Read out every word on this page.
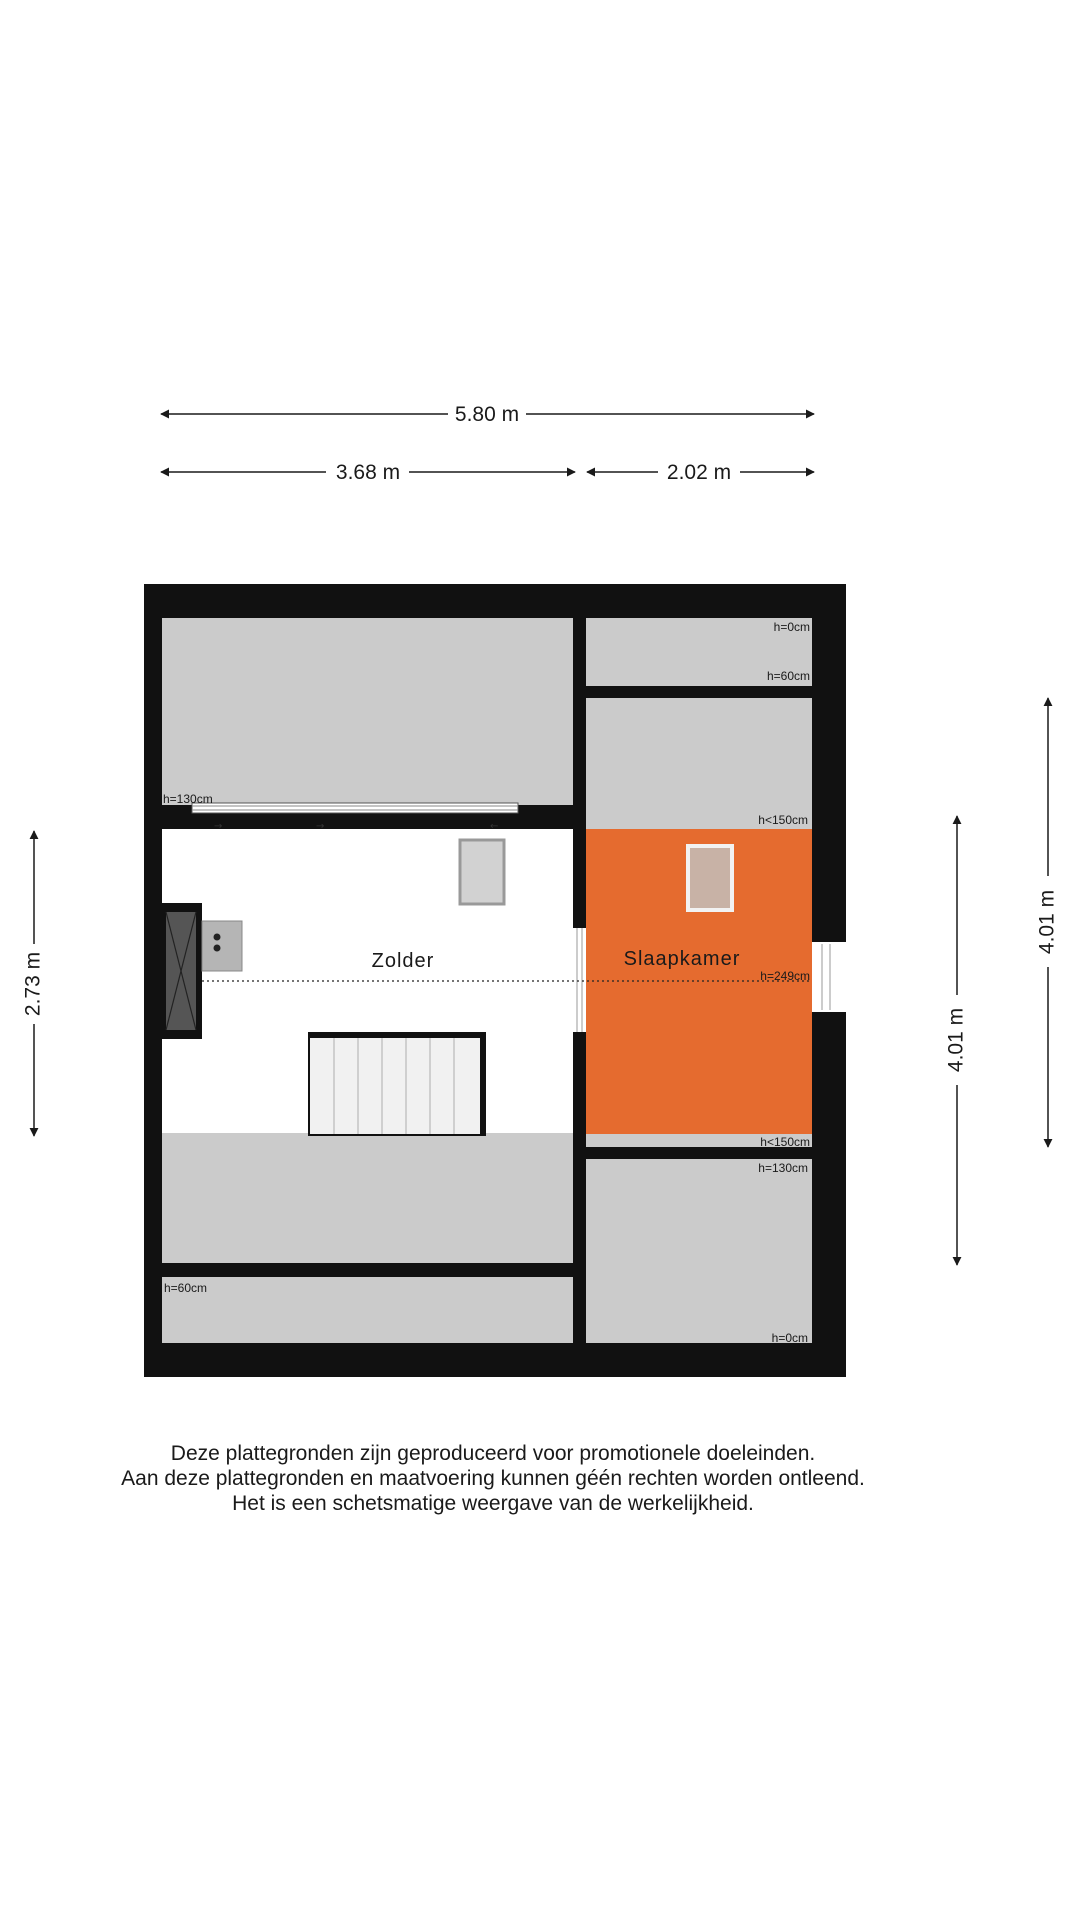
5.80 m
3.68 m	2.02 m
2.73 m
4.01 m
4.01 m
→	→	←
Zolder	Slaapkamer
h=0cm
h=60cm
h=130cm
h<150cm
h=249cm
h<150cm
h=130cm
h=60cm
h=0cm
Deze plattegronden zijn geproduceerd voor promotionele doeleinden.
Aan deze plattegronden en maatvoering kunnen géén rechten worden ontleend.
Het is een schetsmatige weergave van de werkelijkheid.
